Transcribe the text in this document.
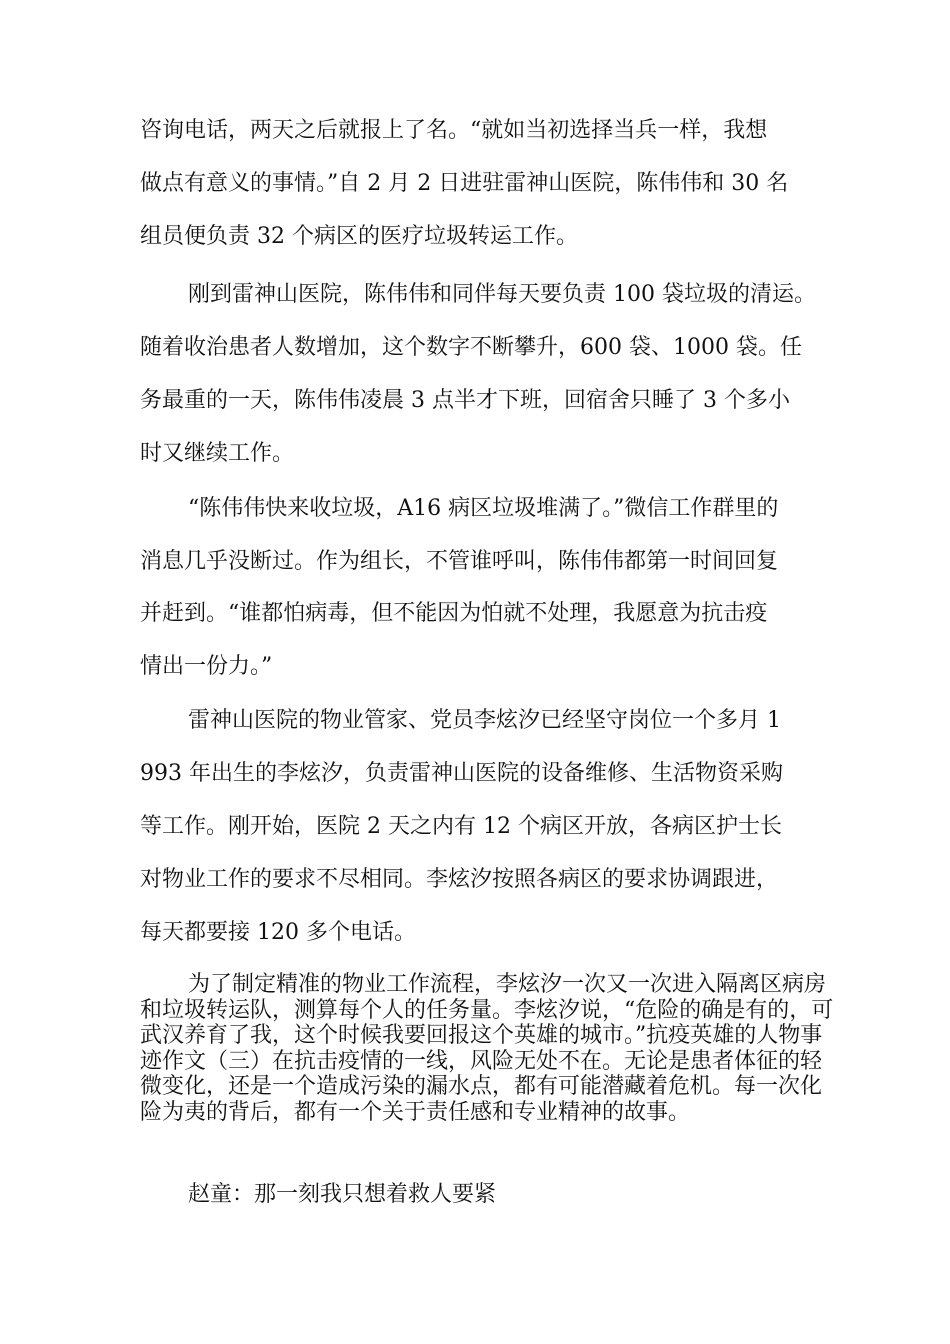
咨询电话，两天之后就报上了名。“就如当初选择当兵一样，我想
做点有意义的事情。”自 2 月 2 日进驻雷神山医院，陈伟伟和 30 名
组员便负责 32 个病区的医疗垃圾转运工作。
刚到雷神山医院，陈伟伟和同伴每天要负责 100 袋垃圾的清运。
随着收治患者人数增加，这个数字不断攀升，600 袋、1000 袋。任
务最重的一天，陈伟伟凌晨 3 点半才下班，回宿舍只睡了 3 个多小
时又继续工作。
“陈伟伟快来收垃圾，A16 病区垃圾堆满了。”微信工作群里的
消息几乎没断过。作为组长，不管谁呼叫，陈伟伟都第一时间回复
并赶到。“谁都怕病毒，但不能因为怕就不处理，我愿意为抗击疫
情出一份力。”
雷神山医院的物业管家、党员李炫汐已经坚守岗位一个多月 1
993 年出生的李炫汐，负责雷神山医院的设备维修、生活物资采购
等工作。刚开始，医院 2 天之内有 12 个病区开放，各病区护士长
对物业工作的要求不尽相同。李炫汐按照各病区的要求协调跟进，
每天都要接 120 多个电话。

为了制定精准的物业工作流程，李炫汐一次又一次进入隔离区病房和垃圾转运队，测算每个人的任务量。李炫汐说，“危险的确是有的，可武汉养育了我，这个时候我要回报这个英雄的城市。”抗疫英雄的人物事迹作文（三）在抗击疫情的一线，风险无处不在。无论是患者体征的轻微变化，还是一个造成污染的漏水点，都有可能潜藏着危机。每一次化险为夷的背后，都有一个关于责任感和专业精神的故事。

赵童：那一刻我只想着救人要紧
